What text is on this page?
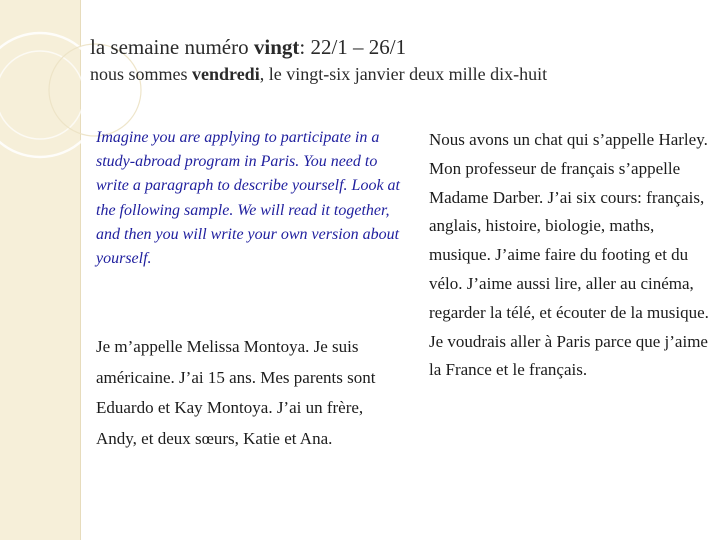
la semaine numéro vingt: 22/1 – 26/1
nous sommes vendredi, le vingt-six janvier deux mille dix-huit
Imagine you are applying to participate in a study-abroad program in Paris. You need to write a paragraph to describe yourself. Look at the following sample. We will read it together, and then you will write your own version about yourself.
Je m’appelle Melissa Montoya. Je suis américaine. J’ai 15 ans. Mes parents sont Eduardo et Kay Montoya. J’ai un frère, Andy, et deux sœurs, Katie et Ana.
Nous avons un chat qui s’appelle Harley. Mon professeur de français s’appelle Madame Darber. J’ai six cours: français, anglais, histoire, biologie, maths, musique. J’aime faire du footing et du vélo. J’aime aussi lire, aller au cinéma, regarder la télé, et écouter de la musique. Je voudrais aller à Paris parce que j’aime la France et le français.
